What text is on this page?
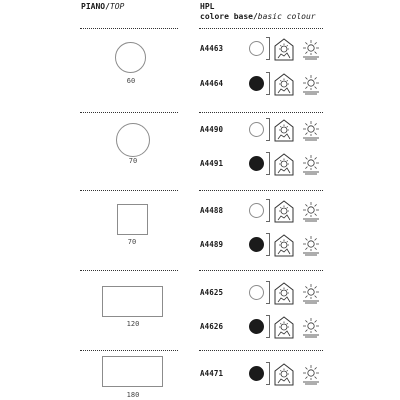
PIANO/TOP	HPL
colore base/basic colour
60
70
70
120
180
A4463
A4464
A4490
A4491
A4488
A4489
A4625
A4626
A4471
